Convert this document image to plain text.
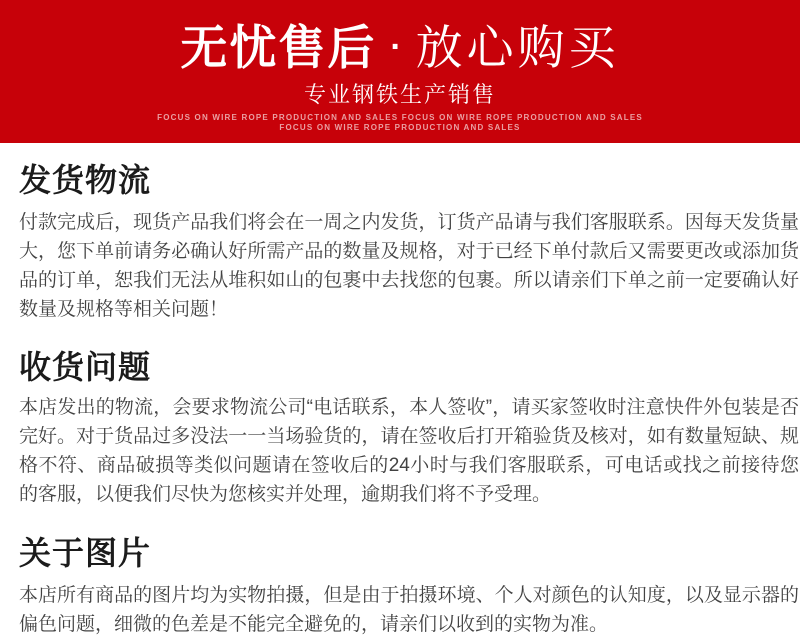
无忧售后 · 放心购买
专业钢铁生产销售
FOCUS ON WIRE ROPE PRODUCTION AND SALES FOCUS ON WIRE ROPE PRODUCTION AND SALES
FOCUS ON WIRE ROPE PRODUCTION AND SALES
发货物流
付款完成后，现货产品我们将会在一周之内发货，订货产品请与我们客服联系。因每天发货量大，您下单前请务必确认好所需产品的数量及规格，对于已经下单付款后又需要更改或添加货品的订单，恕我们无法从堆积如山的包裹中去找您的包裹。所以请亲们下单之前一定要确认好数量及规格等相关问题！
收货问题
本店发出的物流，会要求物流公司“电话联系，本人签收”，请买家签收时注意快件外包装是否完好。对于货品过多没法一一当场验货的，请在签收后打开箱验货及核对，如有数量短缺、规格不符、商品破损等类似问题请在签收后的24小时与我们客服联系，可电话或找之前接待您的客服，以便我们尽快为您核实并处理，逾期我们将不予受理。
关于图片
本店所有商品的图片均为实物拍摄，但是由于拍摄环境、个人对颜色的认知度，以及显示器的偏色问题，细微的色差是不能完全避免的，请亲们以收到的实物为准。
